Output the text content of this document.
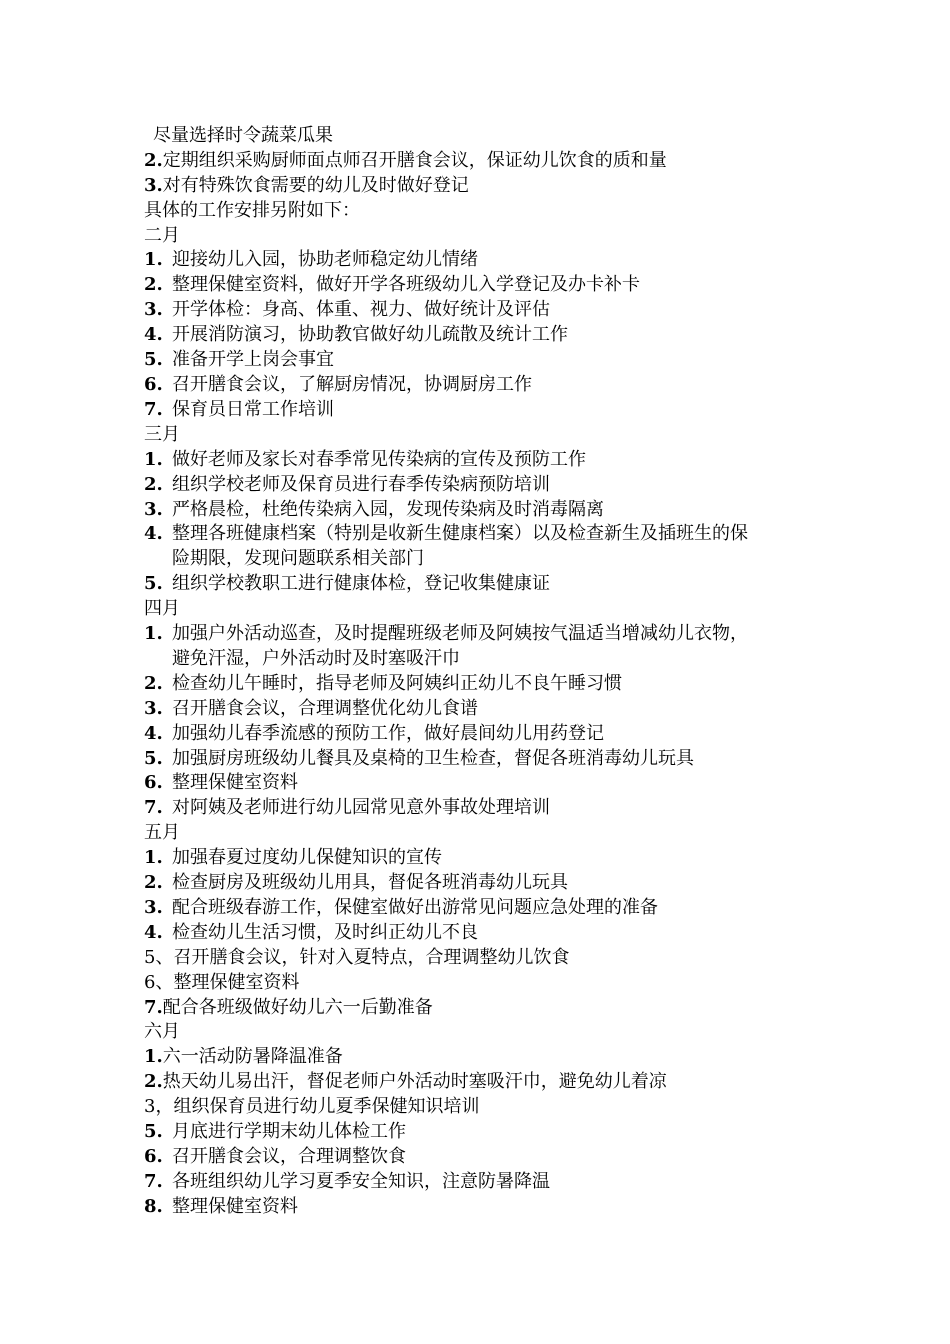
尽量选择时令蔬菜瓜果
2.定期组织采购厨师面点师召开膳食会议，保证幼儿饮食的质和量
3.对有特殊饮食需要的幼儿及时做好登记
具体的工作安排另附如下：
二月
1. 迎接幼儿入园，协助老师稳定幼儿情绪
2. 整理保健室资料，做好开学各班级幼儿入学登记及办卡补卡
3. 开学体检：身高、体重、视力、做好统计及评估
4. 开展消防演习，协助教官做好幼儿疏散及统计工作
5. 准备开学上岗会事宜
6. 召开膳食会议，了解厨房情况，协调厨房工作
7. 保育员日常工作培训
三月
1. 做好老师及家长对春季常见传染病的宣传及预防工作
2. 组织学校老师及保育员进行春季传染病预防培训
3. 严格晨检，杜绝传染病入园，发现传染病及时消毒隔离
4. 整理各班健康档案（特别是收新生健康档案）以及检查新生及插班生的保
险期限，发现问题联系相关部门
5. 组织学校教职工进行健康体检，登记收集健康证
四月
1. 加强户外活动巡查，及时提醒班级老师及阿姨按气温适当增减幼儿衣物，
避免汗湿，户外活动时及时塞吸汗巾
2. 检查幼儿午睡时，指导老师及阿姨纠正幼儿不良午睡习惯
3. 召开膳食会议，合理调整优化幼儿食谱
4. 加强幼儿春季流感的预防工作，做好晨间幼儿用药登记
5. 加强厨房班级幼儿餐具及桌椅的卫生检查，督促各班消毒幼儿玩具
6. 整理保健室资料
7. 对阿姨及老师进行幼儿园常见意外事故处理培训
五月
1. 加强春夏过度幼儿保健知识的宣传
2. 检查厨房及班级幼儿用具，督促各班消毒幼儿玩具
3. 配合班级春游工作，保健室做好出游常见问题应急处理的准备
4. 检查幼儿生活习惯，及时纠正幼儿不良
5、召开膳食会议，针对入夏特点，合理调整幼儿饮食
6、整理保健室资料
7.配合各班级做好幼儿六一后勤准备
六月
1.六一活动防暑降温准备
2.热天幼儿易出汗，督促老师户外活动时塞吸汗巾，避免幼儿着凉
3，组织保育员进行幼儿夏季保健知识培训
5. 月底进行学期末幼儿体检工作
6. 召开膳食会议，合理调整饮食
7. 各班组织幼儿学习夏季安全知识，注意防暑降温
8. 整理保健室资料
